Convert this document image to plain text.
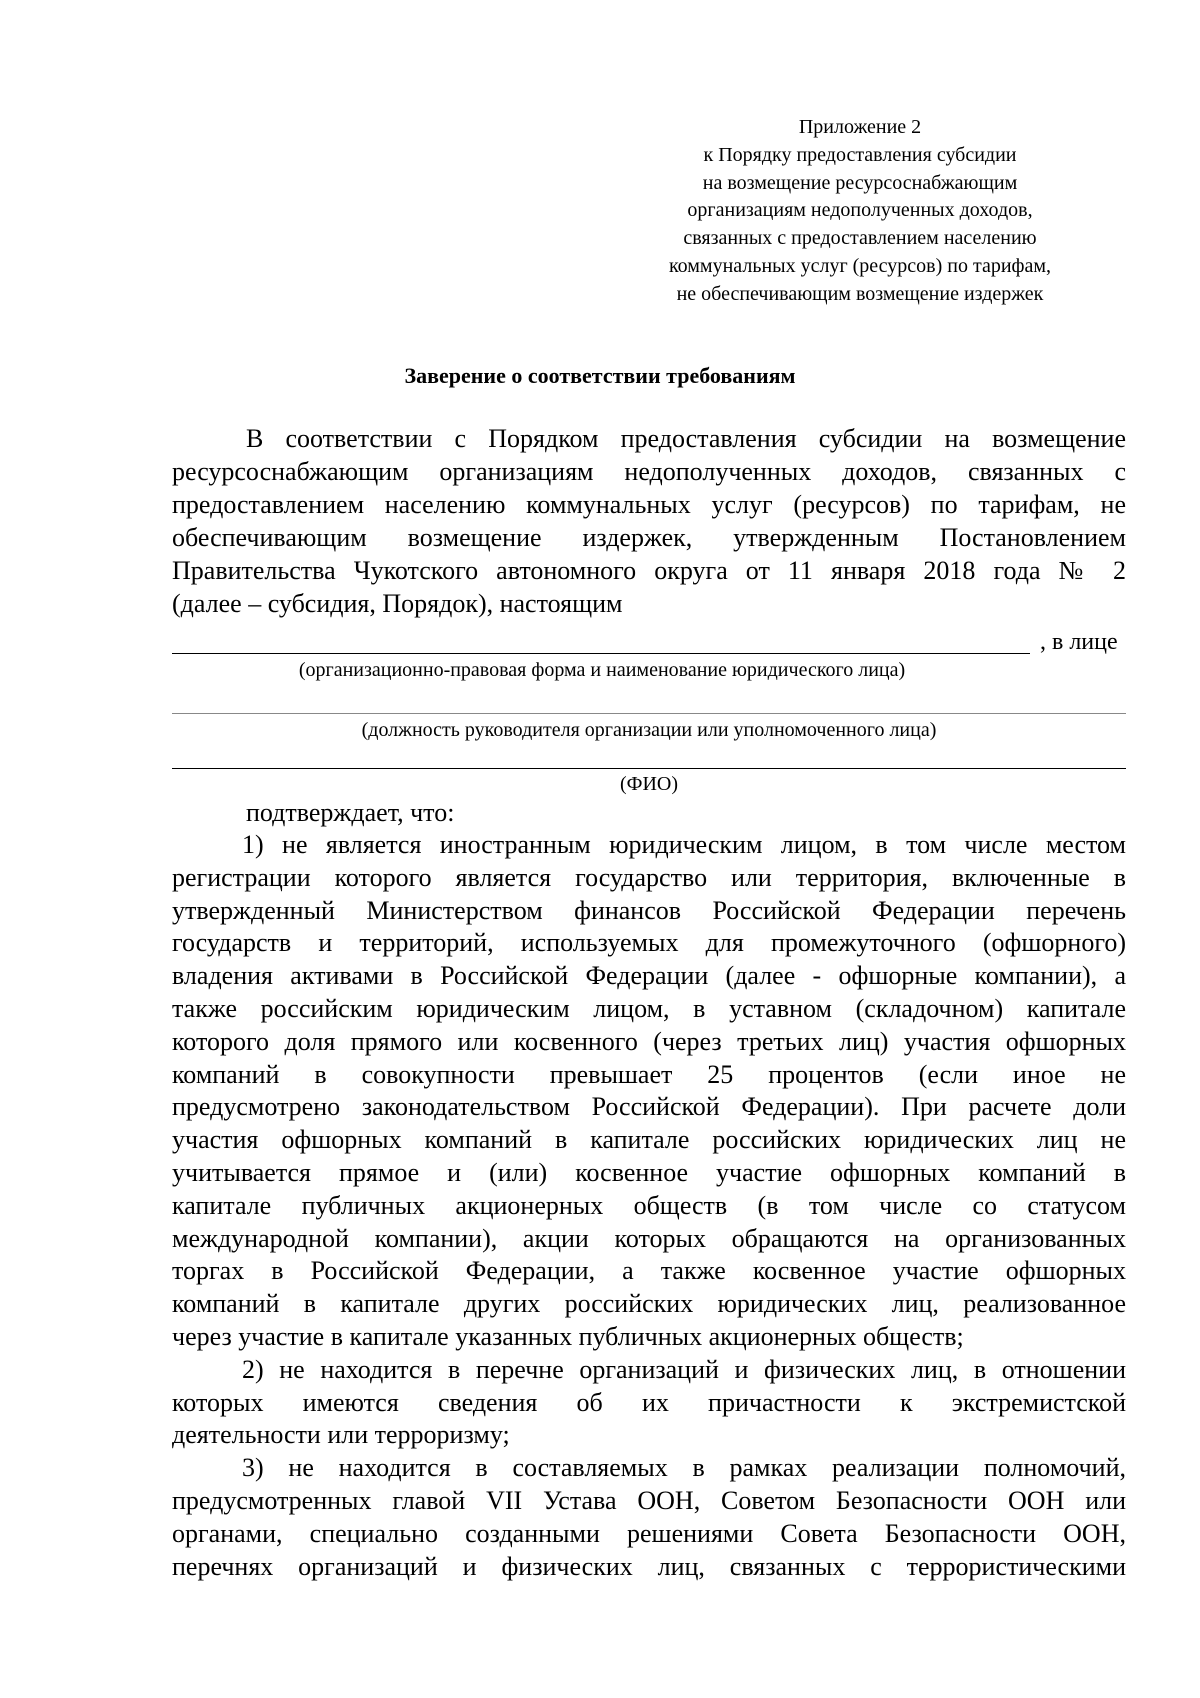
Приложение 2
к Порядку предоставления субсидии
на возмещение ресурсоснабжающим
организациям недополученных доходов,
связанных с предоставлением населению
коммунальных услуг (ресурсов) по тарифам,
не обеспечивающим возмещение издержек
Заверение о соответствии требованиям
В соответствии с Порядком предоставления субсидии на возмещение
ресурсоснабжающим организациям недополученных доходов, связанных с
предоставлением населению коммунальных услуг (ресурсов) по тарифам, не
обеспечивающим возмещение издержек, утвержденным Постановлением
Правительства Чукотского автономного округа от 11 января 2018 года № 2
(далее – субсидия, Порядок), настоящим
, в лице
(организационно-правовая форма и наименование юридического лица)
(должность руководителя организации или уполномоченного лица)
(ФИО)
подтверждает, что:
1) не является иностранным юридическим лицом, в том числе местом
регистрации которого является государство или территория, включенные в
утвержденный Министерством финансов Российской Федерации перечень
государств и территорий, используемых для промежуточного (офшорного)
владения активами в Российской Федерации (далее - офшорные компании), а
также российским юридическим лицом, в уставном (складочном) капитале
которого доля прямого или косвенного (через третьих лиц) участия офшорных
компаний в совокупности превышает 25 процентов (если иное не
предусмотрено законодательством Российской Федерации). При расчете доли
участия офшорных компаний в капитале российских юридических лиц не
учитывается прямое и (или) косвенное участие офшорных компаний в
капитале публичных акционерных обществ (в том числе со статусом
международной компании), акции которых обращаются на организованных
торгах в Российской Федерации, а также косвенное участие офшорных
компаний в капитале других российских юридических лиц, реализованное
через участие в капитале указанных публичных акционерных обществ;
2) не находится в перечне организаций и физических лиц, в отношении
которых имеются сведения об их причастности к экстремистской
деятельности или терроризму;
3) не находится в составляемых в рамках реализации полномочий,
предусмотренных главой VII Устава ООН, Советом Безопасности ООН или
органами, специально созданными решениями Совета Безопасности ООН,
перечнях организаций и физических лиц, связанных с террористическими
